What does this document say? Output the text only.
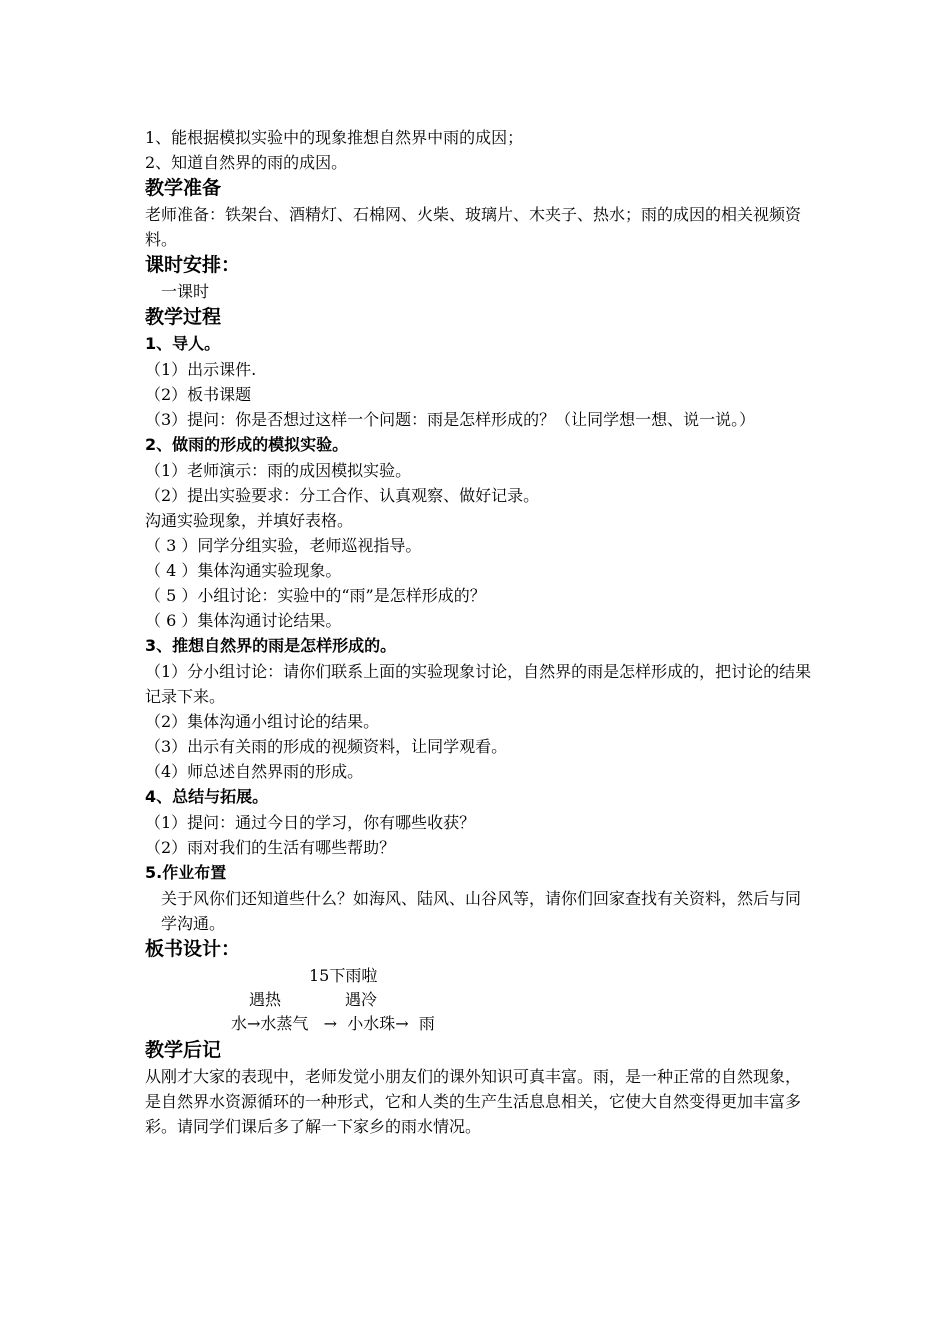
1、能根据模拟实验中的现象推想自然界中雨的成因；
2、知道自然界的雨的成因。
教学准备
老师准备：铁架台、酒精灯、石棉网、火柴、玻璃片、木夹子、热水；雨的成因的相关视频资料。
课时安排：
一课时
教学过程
1、导人。
（1）出示课件.
（2）板书课题
（3）提问：你是否想过这样一个问题：雨是怎样形成的？（让同学想一想、说一说。）
2、做雨的形成的模拟实验。
（1）老师演示：雨的成因模拟实验。
（2）提出实验要求：分工合作、认真观察、做好记录。
沟通实验现象，并填好表格。
（ 3 ）同学分组实验，老师巡视指导。
（ 4 ）集体沟通实验现象。
（ 5 ）小组讨论：实验中的“雨”是怎样形成的？
（ 6 ）集体沟通讨论结果。
3、推想自然界的雨是怎样形成的。
（1）分小组讨论：请你们联系上面的实验现象讨论，自然界的雨是怎样形成的，把讨论的结果记录下来。
（2）集体沟通小组讨论的结果。
（3）出示有关雨的形成的视频资料，让同学观看。
（4）师总述自然界雨的形成。
4、总结与拓展。
（1）提问：通过今日的学习，你有哪些收获？
（2）雨对我们的生活有哪些帮助？
5.作业布置
关于风你们还知道些什么？如海风、陆风、山谷风等，请你们回家查找有关资料，然后与同学沟通。
板书设计：
15下雨啦
遇热	遇冷
水→水蒸气   →  小水珠→  雨
教学后记
从刚才大家的表现中，老师发觉小朋友们的课外知识可真丰富。雨，是一种正常的自然现象，是自然界水资源循环的一种形式，它和人类的生产生活息息相关，它使大自然变得更加丰富多彩。请同学们课后多了解一下家乡的雨水情况。
